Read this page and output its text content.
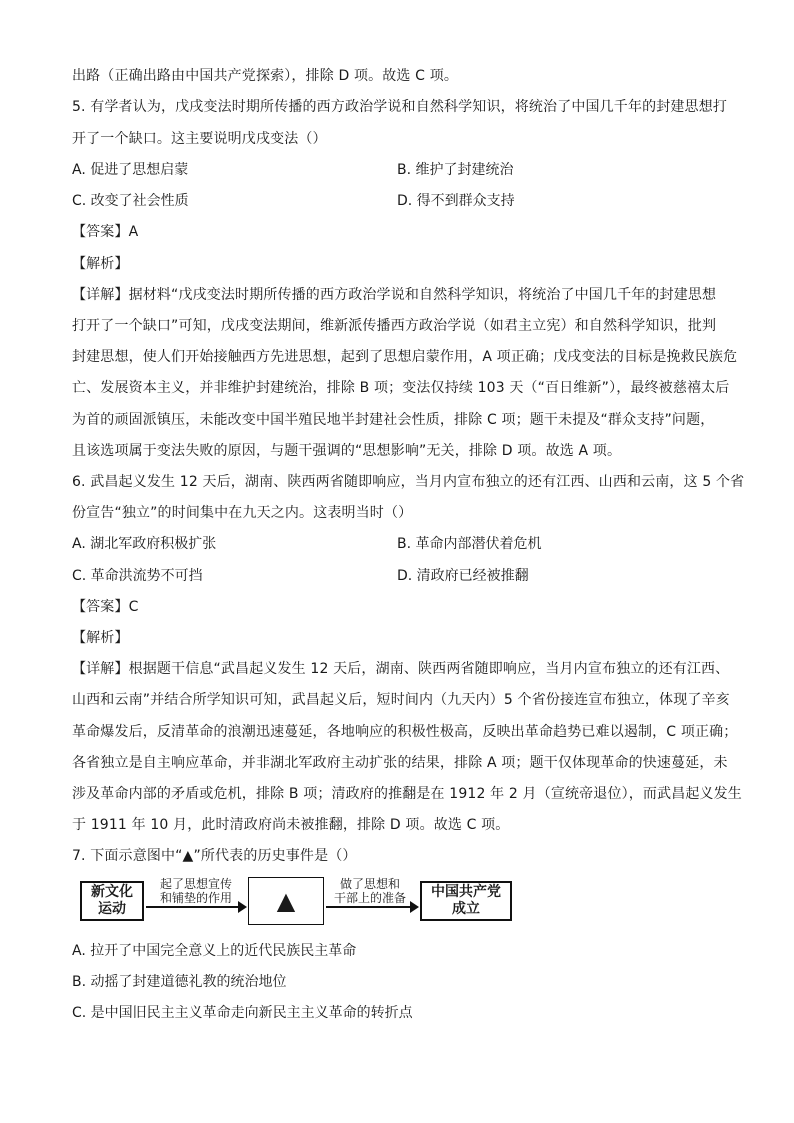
出路（正确出路由中国共产党探索），排除 D 项。故选 C 项。
5. 有学者认为，戊戌变法时期所传播的西方政治学说和自然科学知识，将统治了中国几千年的封建思想打
开了一个缺口。这主要说明戊戌变法（）
A. 促进了思想启蒙	B. 维护了封建统治
C. 改变了社会性质	D. 得不到群众支持
【答案】A
【解析】
【详解】据材料“戊戌变法时期所传播的西方政治学说和自然科学知识，将统治了中国几千年的封建思想
打开了一个缺口”可知，戊戌变法期间，维新派传播西方政治学说（如君主立宪）和自然科学知识，批判
封建思想，使人们开始接触西方先进思想，起到了思想启蒙作用，A 项正确；戊戌变法的目标是挽救民族危
亡、发展资本主义，并非维护封建统治，排除 B 项；变法仅持续 103 天（“百日维新”），最终被慈禧太后
为首的顽固派镇压，未能改变中国半殖民地半封建社会性质，排除 C 项；题干未提及“群众支持”问题，
且该选项属于变法失败的原因，与题干强调的“思想影响”无关，排除 D 项。故选 A 项。
6. 武昌起义发生 12 天后，湖南、陕西两省随即响应，当月内宣布独立的还有江西、山西和云南，这 5 个省
份宣告“独立”的时间集中在九天之内。这表明当时（）
A. 湖北军政府积极扩张	B. 革命内部潜伏着危机
C. 革命洪流势不可挡	D. 清政府已经被推翻
【答案】C
【解析】
【详解】根据题干信息“武昌起义发生 12 天后，湖南、陕西两省随即响应，当月内宣布独立的还有江西、
山西和云南”并结合所学知识可知，武昌起义后，短时间内（九天内）5 个省份接连宣布独立，体现了辛亥
革命爆发后，反清革命的浪潮迅速蔓延，各地响应的积极性极高，反映出革命趋势已难以遏制，C 项正确；
各省独立是自主响应革命，并非湖北军政府主动扩张的结果，排除 A 项；题干仅体现革命的快速蔓延，未
涉及革命内部的矛盾或危机，排除 B 项；清政府的推翻是在 1912 年 2 月（宣统帝退位），而武昌起义发生
于 1911 年 10 月，此时清政府尚未被推翻，排除 D 项。故选 C 项。
7. 下面示意图中“▲”所代表的历史事件是（）
新文化
运动
起了思想宣传
和铺垫的作用	▲
做了思想和
干部上的准备	中国共产党
成立
A. 拉开了中国完全意义上的近代民族民主革命
B. 动摇了封建道德礼教的统治地位
C. 是中国旧民主主义革命走向新民主主义革命的转折点
